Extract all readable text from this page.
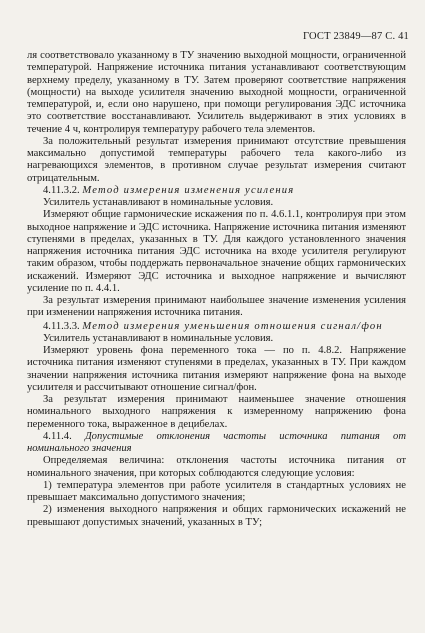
ГОСТ 23849—87 С. 41

ля соответствовало указанному в ТУ значению выходной мощности, ограниченной температурой. Напряжение источника питания устанавливают соответствующим верхнему пределу, указанному в ТУ. Затем проверяют соответствие напряжения (мощности) на выходе усилителя значению выходной мощности, ограниченной температурой, и, если оно нарушено, при помощи регулирования ЭДС источника это соответствие восстанавливают. Усилитель выдерживают в этих условиях в течение 4 ч, контролируя температуру рабочего тела элементов.

За положительный результат измерения принимают отсутствие превышения максимально допустимой температуры рабочего тела какого-либо из нагревающихся элементов, в противном случае результат измерения считают отрицательным.

4.11.3.2. Метод измерения изменения усиления

Усилитель устанавливают в номинальные условия.

Измеряют общие гармонические искажения по п. 4.6.1.1, контролируя при этом выходное напряжение и ЭДС источника. Напряжение источника питания изменяют ступенями в пределах, указанных в ТУ. Для каждого установленного значения напряжения источника питания ЭДС источника на входе усилителя регулируют таким образом, чтобы поддержать первоначальное значение общих гармонических искажений. Измеряют ЭДС источника и выходное напряжение и вычисляют усиление по п. 4.4.1.

За результат измерения принимают наибольшее значение изменения усиления при изменении напряжения источника питания.

4.11.3.3. Метод измерения уменьшения отношения сигнал/фон

Усилитель устанавливают в номинальные условия.

Измеряют уровень фона переменного тока — по п. 4.8.2. Напряжение источника питания изменяют ступенями в пределах, указанных в ТУ. При каждом значении напряжения источника питания измеряют напряжение фона на выходе усилителя и рассчитывают отношение сигнал/фон.

За результат измерения принимают наименьшее значение отношения номинального выходного напряжения к измеренному напряжению фона переменного тока, выраженное в децибелах.

4.11.4. Допустимые отклонения частоты источника питания от номинального значения

Определяемая величина: отклонения частоты источника питания от номинального значения, при которых соблюдаются следующие условия:

1) температура элементов при работе усилителя в стандартных условиях не превышает максимально допустимого значения;

2) изменения выходного напряжения и общих гармонических искажений не превышают допустимых значений, указанных в ТУ;
